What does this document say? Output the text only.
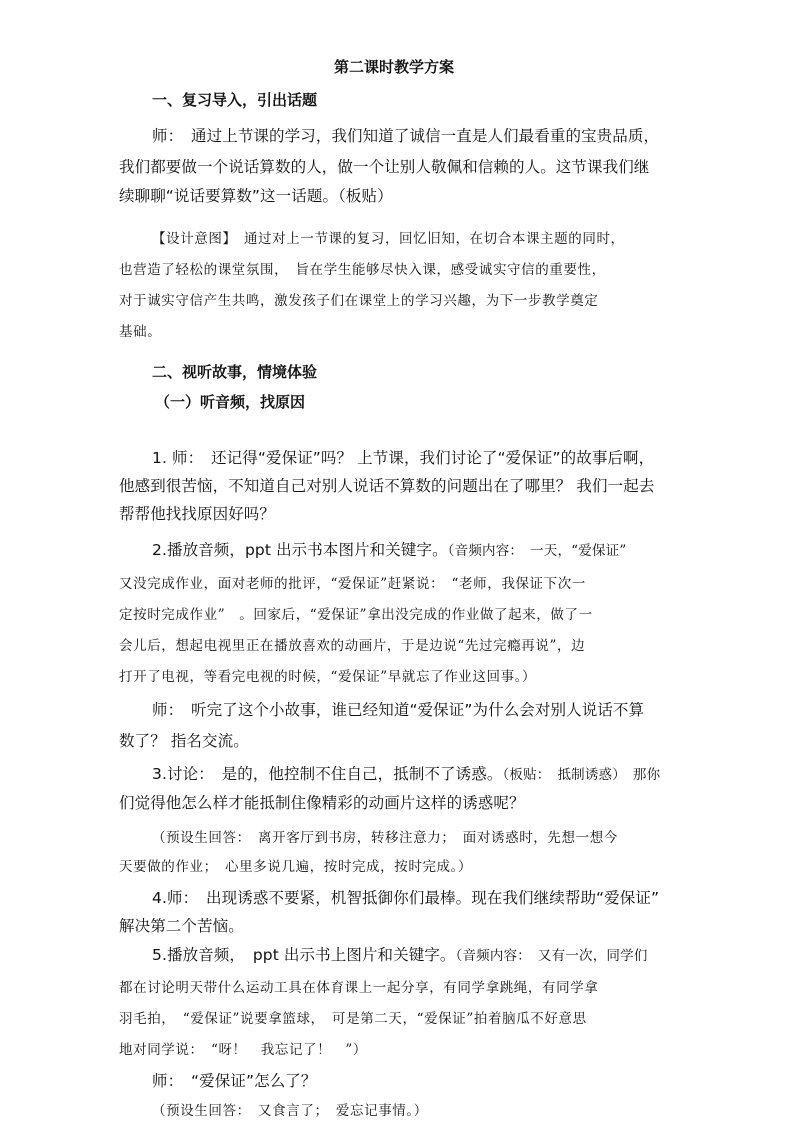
第二课时教学方案

一、复习导入，引出话题

师：　通过上节课的学习，我们知道了诚信一直是人们最看重的宝贵品质，

我们都要做一个说话算数的人，做一个让别人敬佩和信赖的人。这节课我们继

续聊聊“说话要算数”这一话题。（板贴）

【设计意图】　通过对上一节课的复习，回忆旧知，在切合本课主题的同时，

也营造了轻松的课堂氛围，　旨在学生能够尽快入课，感受诚实守信的重要性，

对于诚实守信产生共鸣，激发孩子们在课堂上的学习兴趣，为下一步教学奠定

基础。

二、视听故事，情境体验

（一）听音频，找原因

1. 师：　还记得“爱保证”吗？ 上节课，我们讨论了“爱保证”的故事后啊，

他感到很苦恼，不知道自己对别人说话不算数的问题出在了哪里？ 我们一起去

帮帮他找找原因好吗？

2.播放音频，ppt 出示书本图片和关键字。（音频内容：　一天，“爱保证”

又没完成作业，面对老师的批评，“爱保证”赶紧说：　“老师，我保证下次一

定按时完成作业”　。回家后，“爱保证”拿出没完成的作业做了起来，做了一

会儿后，想起电视里正在播放喜欢的动画片，于是边说“先过完瘾再说”，边

打开了电视，等看完电视的时候，“爱保证”早就忘了作业这回事。）

师：　听完了这个小故事，谁已经知道“爱保证”为什么会对别人说话不算

数了？ 指名交流。

3.讨论：　是的，他控制不住自己，抵制不了诱惑。（板贴：　抵制诱惑）　那你

们觉得他怎么样才能抵制住像精彩的动画片这样的诱惑呢？

（预设生回答：　离开客厅到书房，转移注意力；　面对诱惑时，先想一想今

天要做的作业；　心里多说几遍，按时完成，按时完成。）

4.师：　出现诱惑不要紧，机智抵御你们最棒。现在我们继续帮助“爱保证”

解决第二个苦恼。

5.播放音频，　ppt 出示书上图片和关键字。（音频内容：　又有一次，同学们

都在讨论明天带什么运动工具在体育课上一起分享，有同学拿跳绳，有同学拿

羽毛拍，　“爱保证”说要拿篮球，　可是第二天，“爱保证”拍着脑瓜不好意思

地对同学说：　“呀！　我忘记了！　”）

师：　“爱保证”怎么了？

（预设生回答：　又食言了；　爱忘记事情。）
